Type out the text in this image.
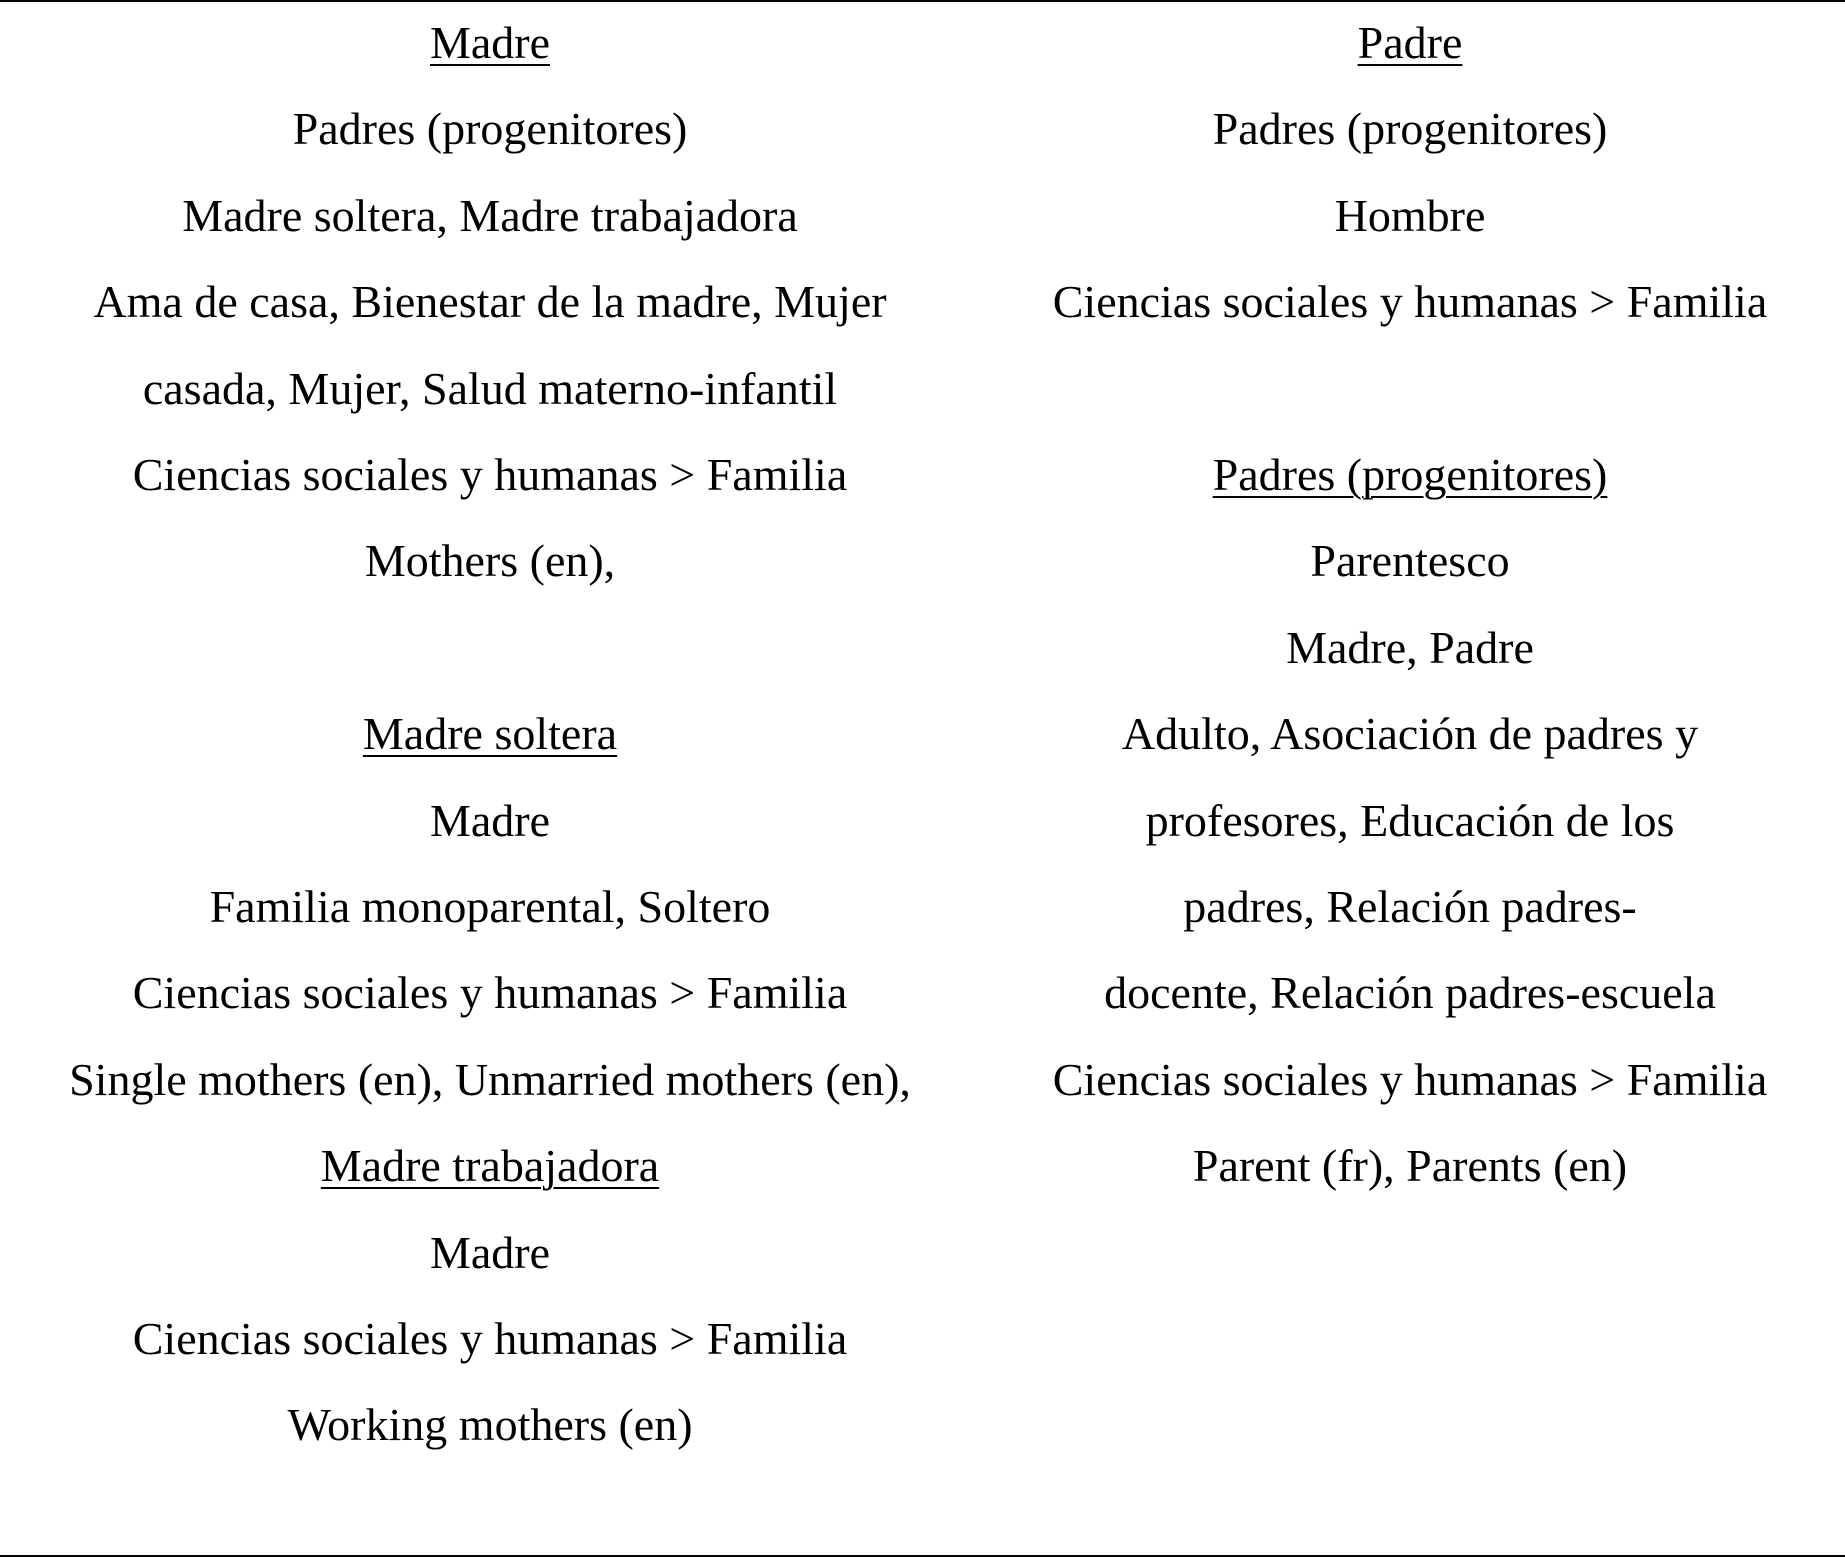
Madre
Padres (progenitores)
Madre soltera, Madre trabajadora
Ama de casa, Bienestar de la madre, Mujer
casada, Mujer, Salud materno-infantil
Ciencias sociales y humanas > Familia
Mothers (en),
Madre soltera
Madre
Familia monoparental, Soltero
Ciencias sociales y humanas > Familia
Single mothers (en), Unmarried mothers (en),
Madre trabajadora
Madre
Ciencias sociales y humanas > Familia
Working mothers (en)
Padre
Padres (progenitores)
Hombre
Ciencias sociales y humanas > Familia
Padres (progenitores)
Parentesco
Madre, Padre
Adulto, Asociación de padres y
profesores, Educación de los
padres, Relación padres-
docente, Relación padres-escuela
Ciencias sociales y humanas > Familia
Parent (fr), Parents (en)
